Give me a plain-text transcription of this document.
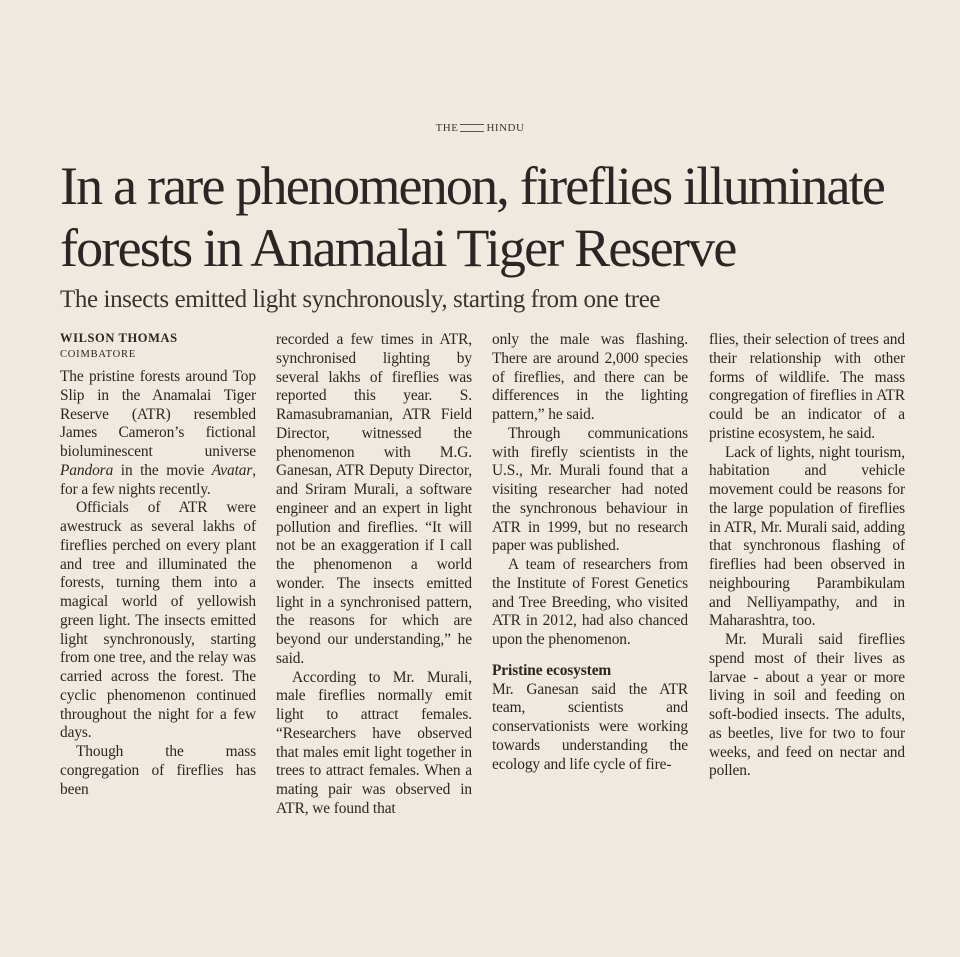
THE	HINDU
In a rare phenomenon, fireflies illuminate forests in Anamalai Tiger Reserve
The insects emitted light synchronously, starting from one tree
WILSON THOMAS
COIMBATORE

The pristine forests around Top Slip in the Anamalai Tiger Reserve (ATR) resembled James Cameron’s fictional bioluminescent universe Pandora in the movie Avatar, for a few nights recently.

Officials of ATR were awestruck as several lakhs of fireflies perched on every plant and tree and illuminated the forests, turning them into a magical world of yellowish green light. The insects emitted light synchronously, starting from one tree, and the relay was carried across the forest. The cyclic phenomenon continued throughout the night for a few days.

Though the mass congregation of fireflies has been

recorded a few times in ATR, synchronised lighting by several lakhs of fireflies was reported this year. S. Ramasubramanian, ATR Field Director, witnessed the phenomenon with M.G. Ganesan, ATR Deputy Director, and Sriram Murali, a software engineer and an expert in light pollution and fireflies. “It will not be an exaggeration if I call the phenomenon a world wonder. The insects emitted light in a synchronised pattern, the reasons for which are beyond our understanding,” he said.

According to Mr. Murali, male fireflies normally emit light to attract females. “Researchers have observed that males emit light together in trees to attract females. When a mating pair was observed in ATR, we found that

only the male was flashing. There are around 2,000 species of fireflies, and there can be differences in the lighting pattern,” he said.

Through communications with firefly scientists in the U.S., Mr. Murali found that a visiting researcher had noted the synchronous behaviour in ATR in 1999, but no research paper was published.

A team of researchers from the Institute of Forest Genetics and Tree Breeding, who visited ATR in 2012, had also chanced upon the phenomenon.

Pristine ecosystem

Mr. Ganesan said the ATR team, scientists and conservationists were working towards understanding the ecology and life cycle of fire-

flies, their selection of trees and their relationship with other forms of wildlife. The mass congregation of fireflies in ATR could be an indicator of a pristine ecosystem, he said.

Lack of lights, night tourism, habitation and vehicle movement could be reasons for the large population of fireflies in ATR, Mr. Murali said, adding that synchronous flashing of fireflies had been observed in neighbouring Parambikulam and Nelliyampathy, and in Maharashtra, too.

Mr. Murali said fireflies spend most of their lives as larvae - about a year or more living in soil and feeding on soft-bodied insects. The adults, as beetles, live for two to four weeks, and feed on nectar and pollen.
